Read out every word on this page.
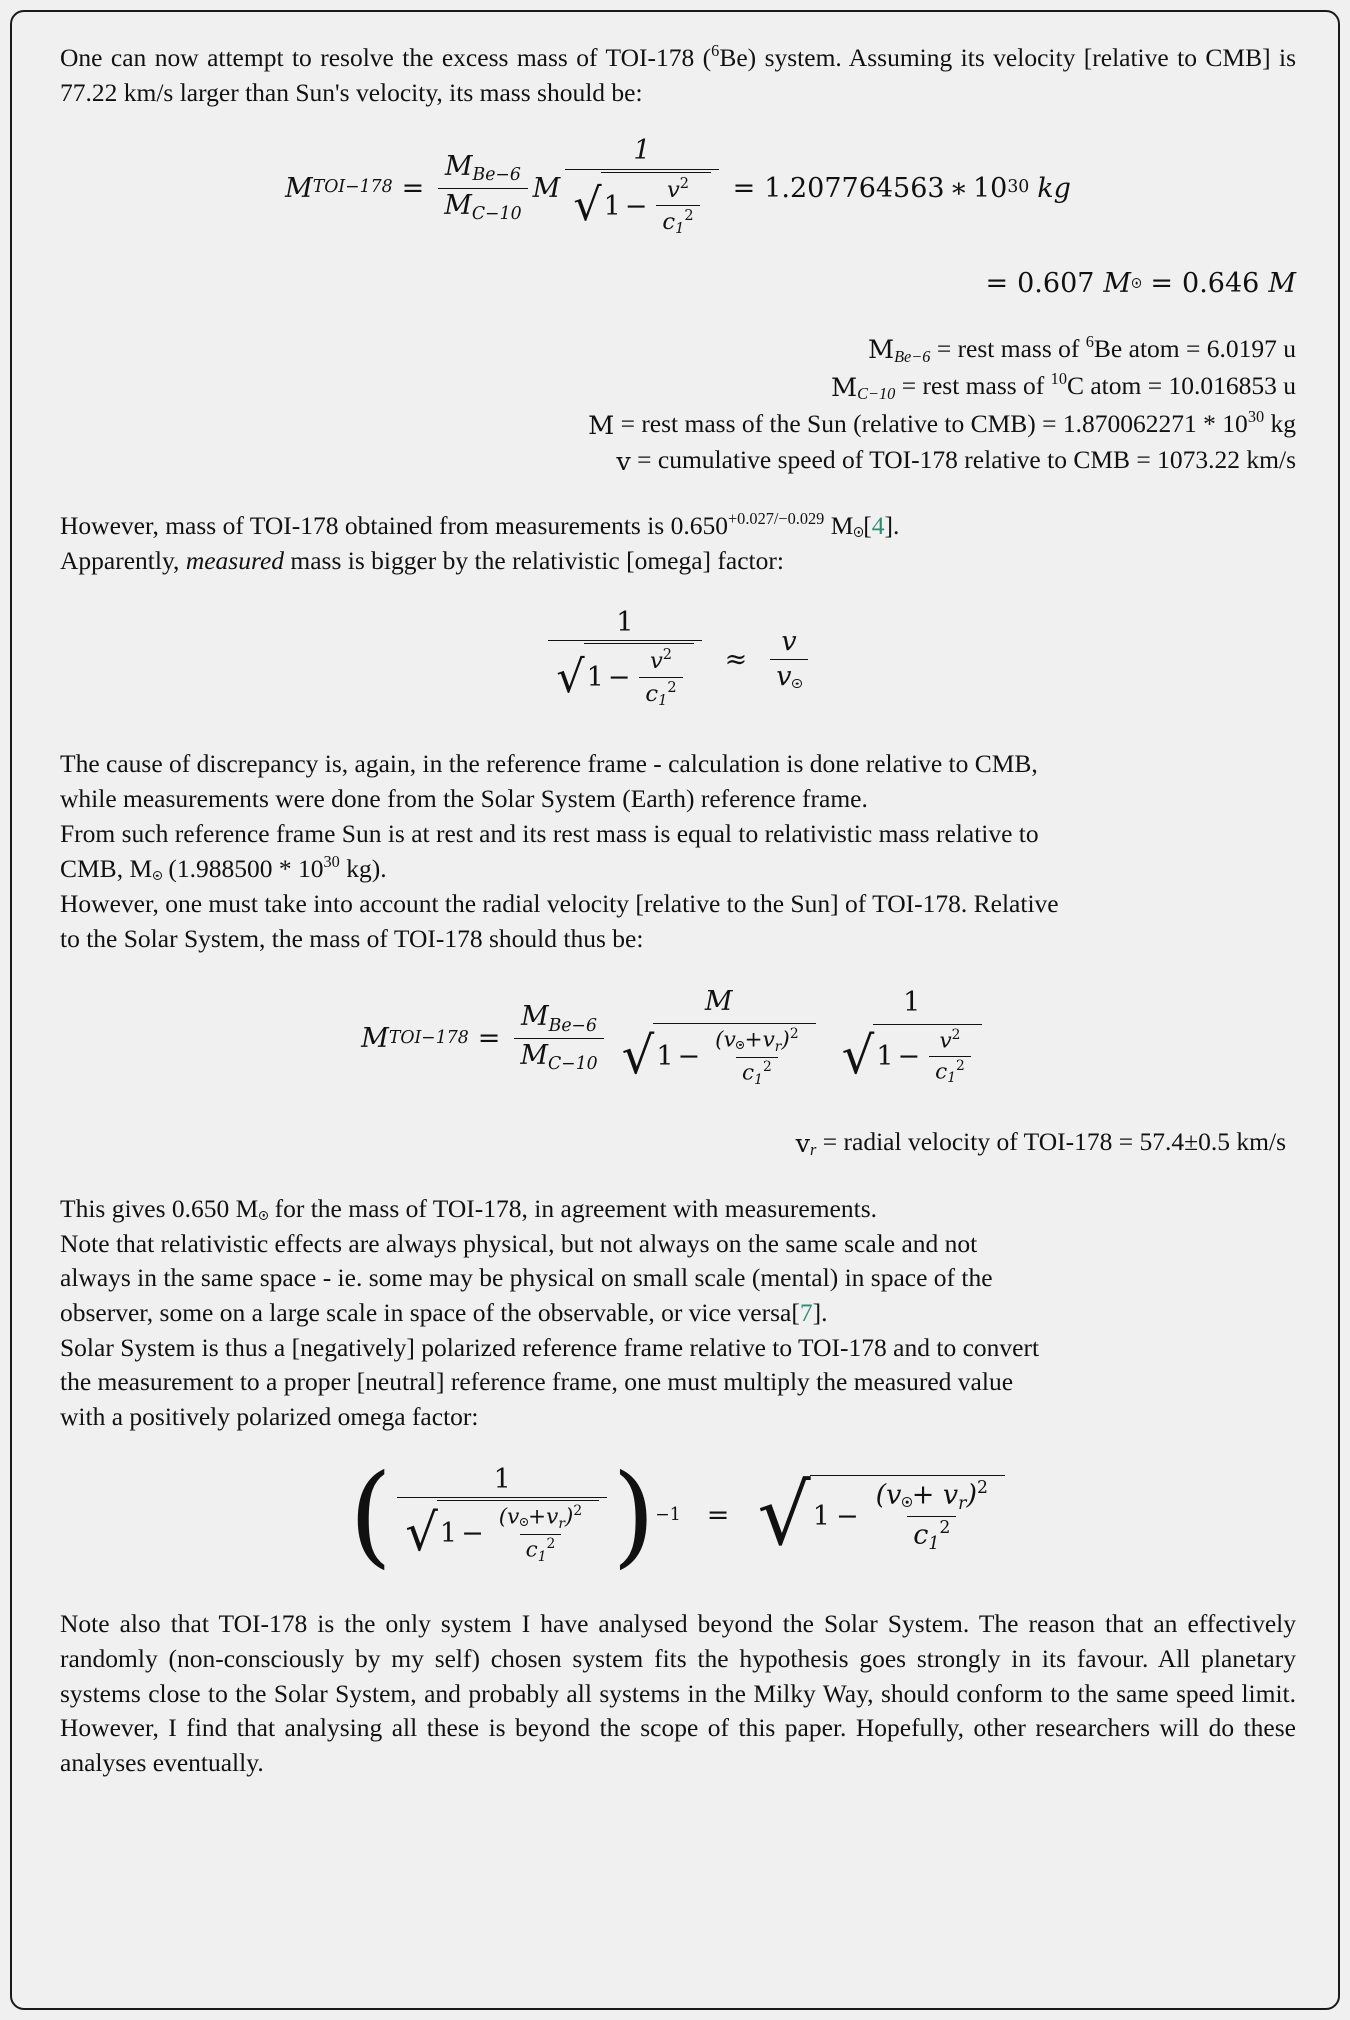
One can now attempt to resolve the excess mass of TOI-178 ($^6$Be) system. Assuming its velocity [relative to CMB] is 77.22 km/s larger than Sun's velocity, its mass should be:

M $TOI-178 = \frac{\text{MBe−6}}{MC-10}$ M
1
√ $1 - \frac{v^2}{c1^2} = 1.207764563$ ∗ 10 30 kg
= 0.607 M = 0.646 M
MBe−6 = rest mass of $^6$Be atom = 6.0197 u
MC−10 = rest mass of $^{10}$C atom = 10.016853 u
M = rest mass of the Sun (relative to $CMB) = 1.870062271 * 10^{30}$ kg
v = cumulative speed of TOI-178 relative to CMB = 1073.22 km/s

However, mass of TOI-178 obtained from measurements is $0.650^{+0.027/-0.029}$ M [4].
Apparently, measured mass is bigger by the relativistic [omega] factor:

1
√ $1 - \frac{v^2}{c1^2} \approx \frac{v}{v}$

The cause of discrepancy is, again, in the reference frame - calculation is done relative to CMB,
while measurements were done from the Solar System (Earth) reference frame.
From such reference frame Sun is at rest and its rest mass is equal to relativistic mass relative to
CMB, M ($1.988500 * 10^{30}$ kg).
However, one must take into account the radial velocity [relative to the Sun] of TOI-178. Relative
to the Solar System, the mass of TOI-178 should thus be:

M $TOI-178 = \frac{\text{MBe−6}}{MC-10}$
M
√ $1 - \frac{(v +vr)^2}{c1^2}$
1
√ $1 - \frac{v^2}{c1^2}$
vr = radial velocity of TOI-178 = 57.4±0.5 km/s

This gives 0.650 M for the mass of TOI-178, in agreement with measurements.
Note that relativistic effects are always physical, but not always on the same scale and not
always in the same space - ie. some may be physical on small scale (mental) in space of the
observer, some on a large scale in space of the observable, or vice versa[7].
Solar System is thus a [negatively] polarized reference frame relative to TOI-178 and to convert
the measurement to a proper [neutral] reference frame, one must multiply the measured value
with a positively polarized omega factor:

(	1
√ $1 - \frac{(v +vr)^2}{c1^2}$ ) −1 = √ $1 - \frac{(v + vr)^2}{c1^2}$

Note also that TOI-178 is the only system I have analysed beyond the Solar System. The reason that an effectively randomly (non-consciously by my self) chosen system fits the hypothesis goes strongly in its favour. All planetary systems close to the Solar System, and probably all systems in the Milky Way, should conform to the same speed limit. However, I find that analysing all these is beyond the scope of this paper. Hopefully, other researchers will do these analyses eventually.
